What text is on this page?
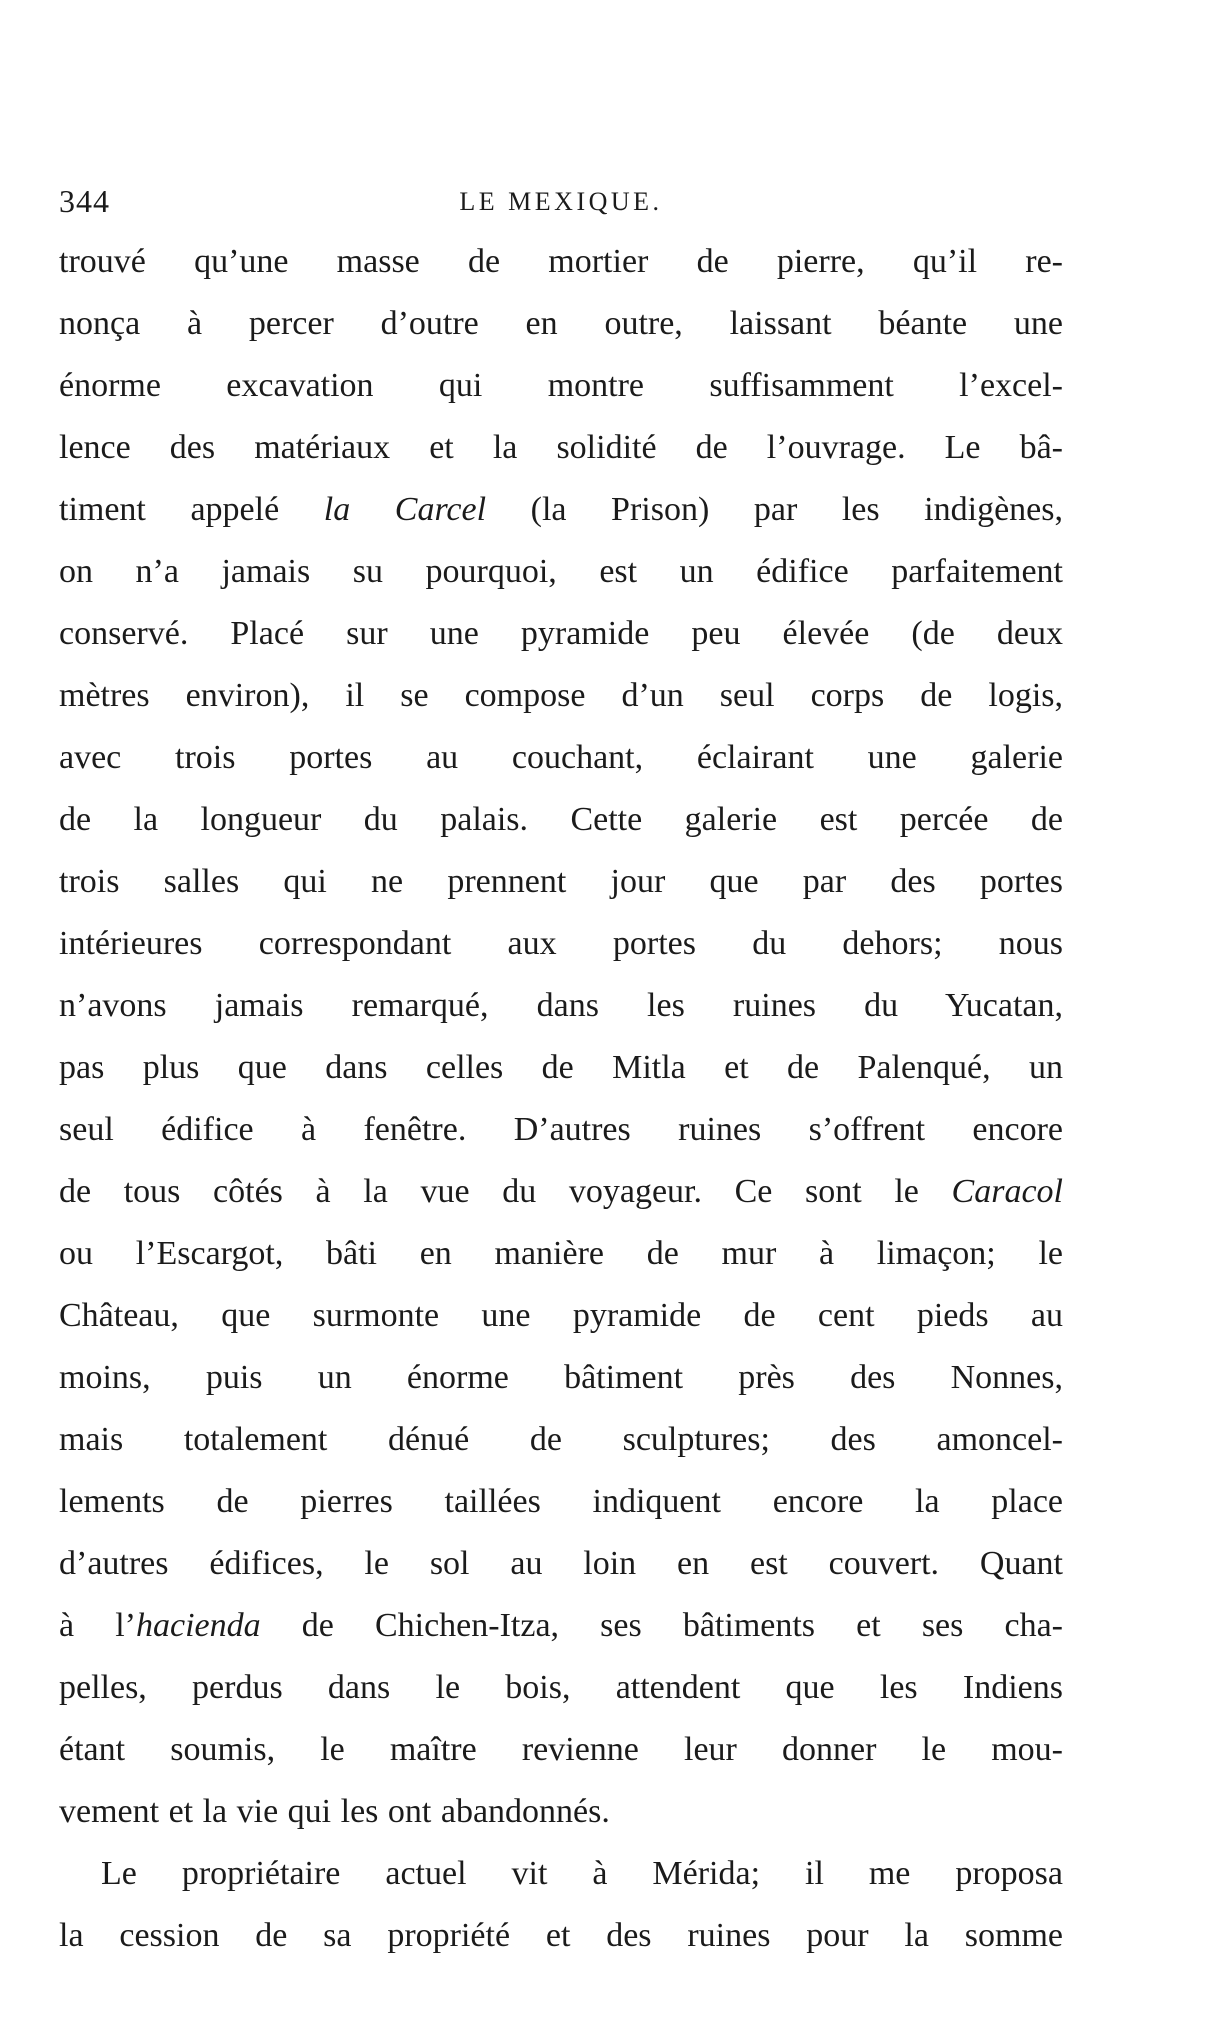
344	LE MEXIQUE.
trouvé qu’une masse de mortier de pierre, qu’il re-
nonça à percer d’outre en outre, laissant béante une
énorme excavation qui montre suffisamment l’excel-
lence des matériaux et la solidité de l’ouvrage. Le bâ-
timent appelé la Carcel (la Prison) par les indigènes,
on n’a jamais su pourquoi, est un édifice parfaitement
conservé. Placé sur une pyramide peu élevée (de deux
mètres environ), il se compose d’un seul corps de logis,
avec trois portes au couchant, éclairant une galerie
de la longueur du palais. Cette galerie est percée de
trois salles qui ne prennent jour que par des portes
intérieures correspondant aux portes du dehors; nous
n’avons jamais remarqué, dans les ruines du Yucatan,
pas plus que dans celles de Mitla et de Palenqué, un
seul édifice à fenêtre. D’autres ruines s’offrent encore
de tous côtés à la vue du voyageur. Ce sont le Caracol
ou l’Escargot, bâti en manière de mur à limaçon; le
Château, que surmonte une pyramide de cent pieds au
moins, puis un énorme bâtiment près des Nonnes,
mais totalement dénué de sculptures; des amoncel-
lements de pierres taillées indiquent encore la place
d’autres édifices, le sol au loin en est couvert. Quant
à l’hacienda de Chichen-Itza, ses bâtiments et ses cha-
pelles, perdus dans le bois, attendent que les Indiens
étant soumis, le maître revienne leur donner le mou-
vement et la vie qui les ont abandonnés.
Le propriétaire actuel vit à Mérida; il me proposa
la cession de sa propriété et des ruines pour la somme
